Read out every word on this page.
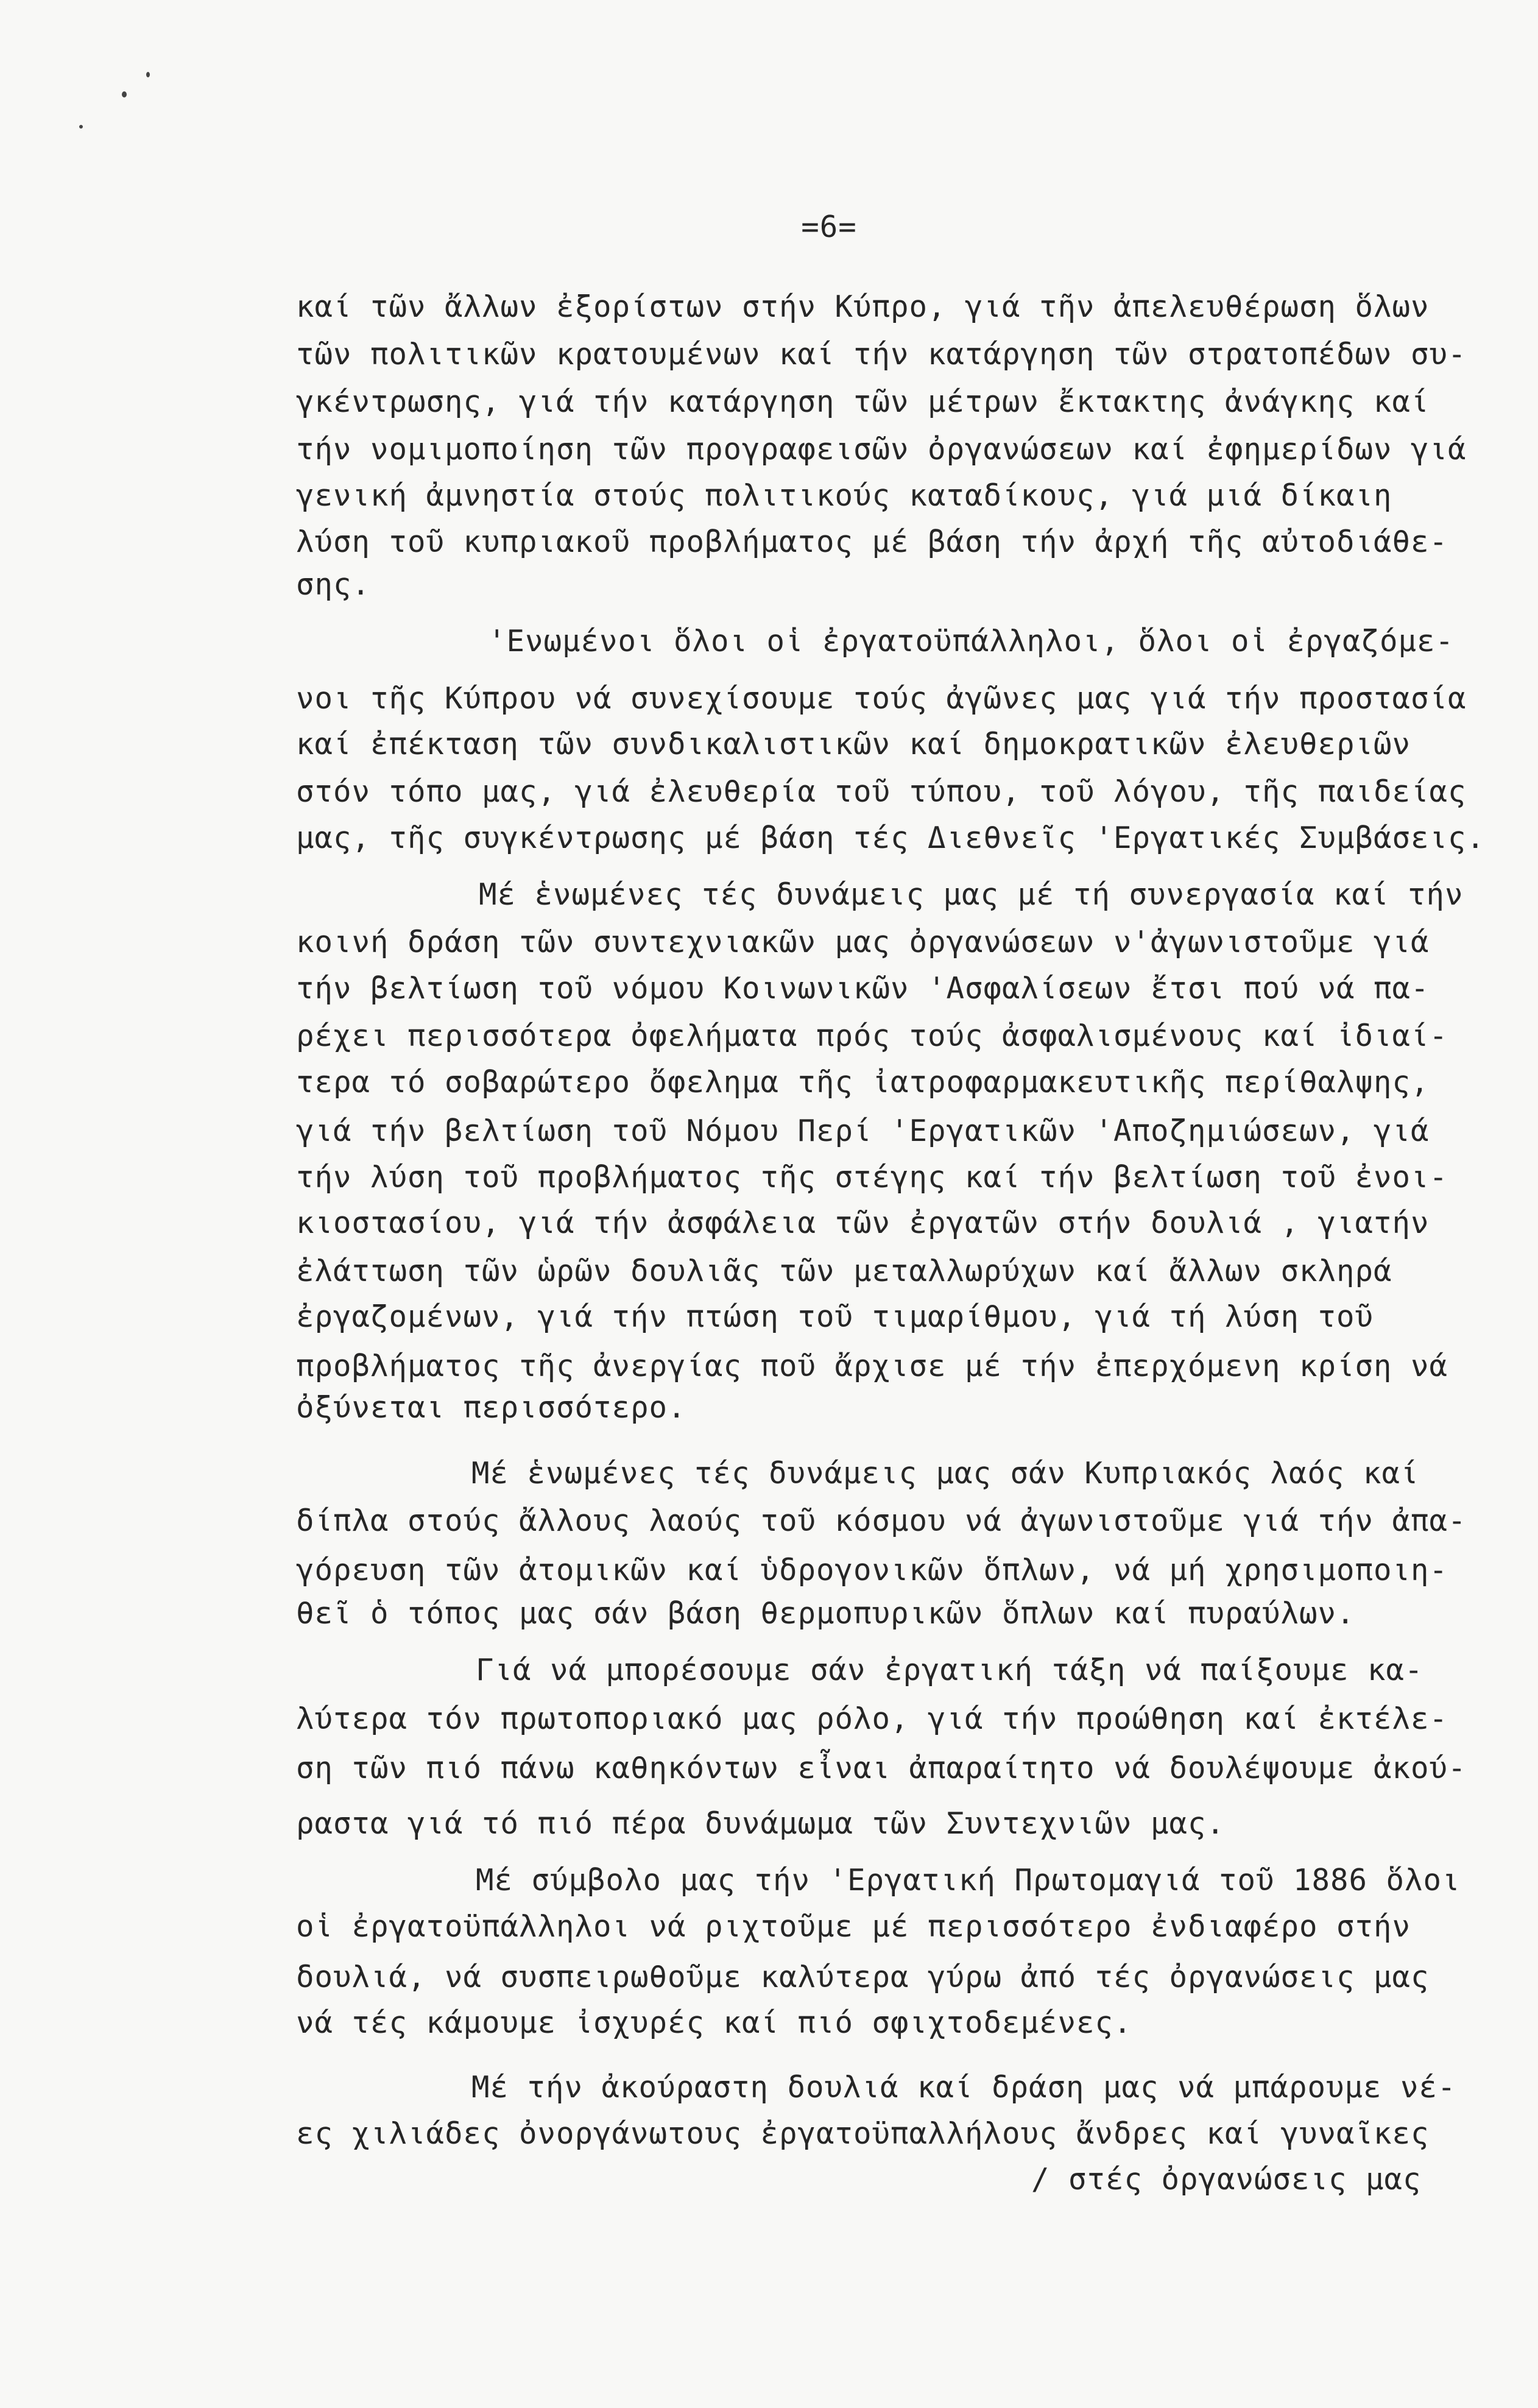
=6=
καί τῶν ἄλλων ἐξορίστων στήν Κύπρο, γιά τῆν ἀπελευθέρωση ὅλων
τῶν πολιτικῶν κρατουμένων καί τήν κατάργηση τῶν στρατοπέδων συ-
γκέντρωσης, γιά τήν κατάργηση τῶν μέτρων ἔκτακτης ἀνάγκης καί
τήν νομιμοποίηση τῶν προγραφεισῶν ὀργανώσεων καί ἐφημερίδων γιά
γενική ἀμνηστία στούς πολιτικούς καταδίκους, γιά μιά δίκαιη
λύση τοῦ κυπριακοῦ προβλήματος μέ βάση τήν ἀρχή τῆς αὐτοδιάθε-
σης.
'Ενωμένοι ὅλοι οἱ ἐργατοϋπάλληλοι, ὅλοι οἱ ἐργαζόμε-
νοι τῆς Κύπρου νά συνεχίσουμε τούς ἀγῶνες μας γιά τήν προστασία
καί ἐπέκταση τῶν συνδικαλιστικῶν καί δημοκρατικῶν ἐλευθεριῶν
στόν τόπο μας, γιά ἐλευθερία τοῦ τύπου, τοῦ λόγου, τῆς παιδείας
μας, τῆς συγκέντρωσης μέ βάση τές Διεθνεῖς 'Εργατικές Συμβάσεις.
Μέ ἑνωμένες τές δυνάμεις μας μέ τή συνεργασία καί τήν
κοινή δράση τῶν συντεχνιακῶν μας ὀργανώσεων ν'ἀγωνιστοῦμε γιά
τήν βελτίωση τοῦ νόμου Κοινωνικῶν 'Ασφαλίσεων ἔτσι πού νά πα-
ρέχει περισσότερα ὀφελήματα πρός τούς ἀσφαλισμένους καί ἰδιαί-
τερα τό σοβαρώτερο ὄφελημα τῆς ἰατροφαρμακευτικῆς περίθαλψης,
γιά τήν βελτίωση τοῦ Νόμου Περί 'Εργατικῶν 'Αποζημιώσεων, γιά
τήν λύση τοῦ προβλήματος τῆς στέγης καί τήν βελτίωση τοῦ ἐνοι-
κιοστασίου, γιά τήν ἀσφάλεια τῶν ἐργατῶν στήν δουλιά , γιατήν
ἐλάττωση τῶν ὡρῶν δουλιᾶς τῶν μεταλλωρύχων καί ἄλλων σκληρά
ἐργαζομένων, γιά τήν πτώση τοῦ τιμαρίθμου, γιά τή λύση τοῦ
προβλήματος τῆς ἀνεργίας ποῦ ἄρχισε μέ τήν ἐπερχόμενη κρίση νά
ὀξύνεται περισσότερο.
Μέ ἑνωμένες τές δυνάμεις μας σάν Κυπριακός λαός καί
δίπλα στούς ἄλλους λαούς τοῦ κόσμου νά ἀγωνιστοῦμε γιά τήν ἀπα-
γόρευση τῶν ἀτομικῶν καί ὑδρογονικῶν ὅπλων, νά μή χρησιμοποιη-
θεῖ ὁ τόπος μας σάν βάση θερμοπυρικῶν ὅπλων καί πυραύλων.
Γιά νά μπορέσουμε σάν ἐργατική τάξη νά παίξουμε κα-
λύτερα τόν πρωτοποριακό μας ρόλο, γιά τήν προώθηση καί ἐκτέλε-
ση τῶν πιό πάνω καθηκόντων εἶναι ἀπαραίτητο νά δουλέψουμε ἀκού-
ραστα γιά τό πιό πέρα δυνάμωμα τῶν Συντεχνιῶν μας.
Μέ σύμβολο μας τήν 'Εργατική Πρωτομαγιά τοῦ 1886 ὅλοι
οἱ ἐργατοϋπάλληλοι νά ριχτοῦμε μέ περισσότερο ἐνδιαφέρο στήν
δουλιά, νά συσπειρωθοῦμε καλύτερα γύρω ἀπό τές ὀργανώσεις μας
νά τές κάμουμε ἰσχυρές καί πιό σφιχτοδεμένες.
Μέ τήν ἀκούραστη δουλιά καί δράση μας νά μπάρουμε νέ-
ες χιλιάδες ὀνοργάνωτους ἐργατοϋπαλλήλους ἄνδρες καί γυναῖκες
/ στές ὀργανώσεις μας
